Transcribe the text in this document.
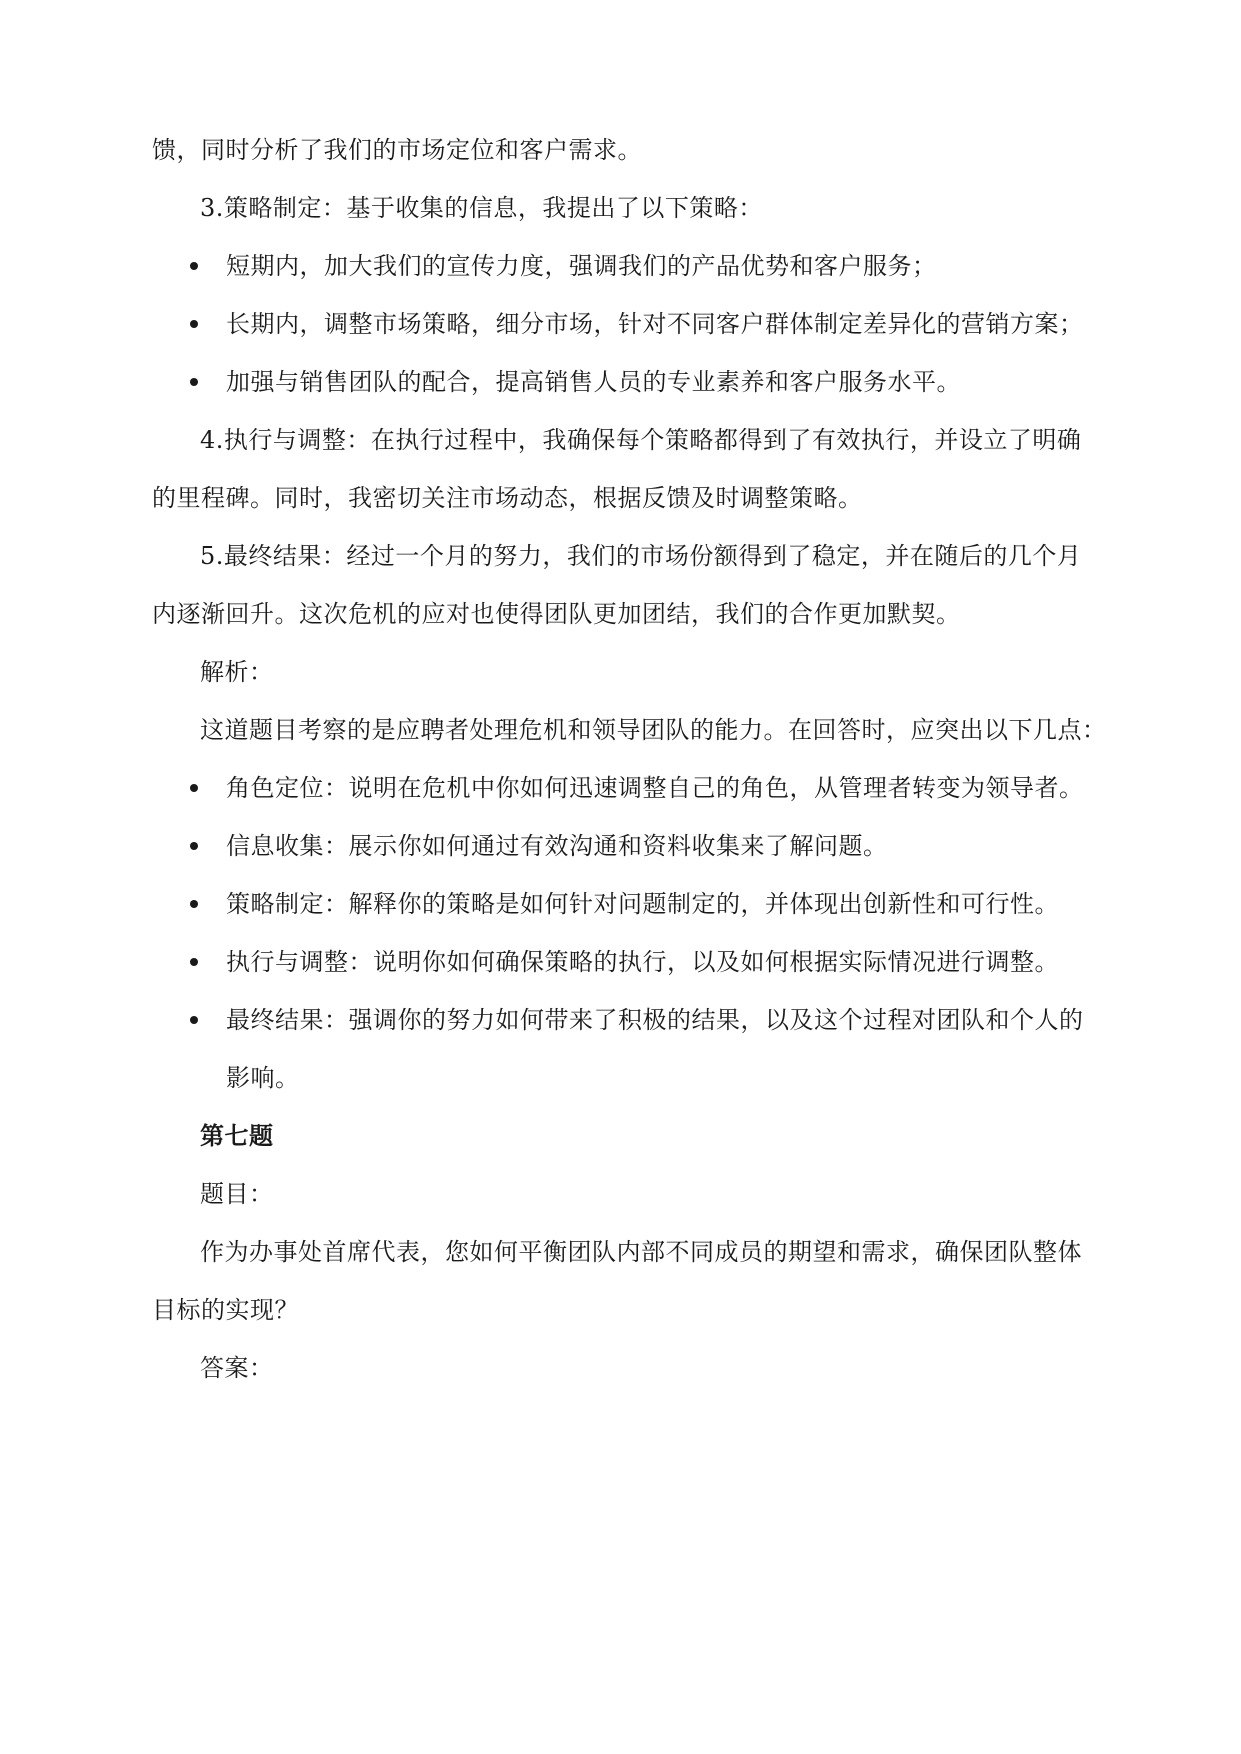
馈，同时分析了我们的市场定位和客户需求。
3.策略制定：基于收集的信息，我提出了以下策略：
短期内，加大我们的宣传力度，强调我们的产品优势和客户服务；
长期内，调整市场策略，细分市场，针对不同客户群体制定差异化的营销方案；
加强与销售团队的配合，提高销售人员的专业素养和客户服务水平。
4.执行与调整：在执行过程中，我确保每个策略都得到了有效执行，并设立了明确
的里程碑。同时，我密切关注市场动态，根据反馈及时调整策略。
5.最终结果：经过一个月的努力，我们的市场份额得到了稳定，并在随后的几个月
内逐渐回升。这次危机的应对也使得团队更加团结，我们的合作更加默契。
解析：
这道题目考察的是应聘者处理危机和领导团队的能力。在回答时，应突出以下几点：
角色定位：说明在危机中你如何迅速调整自己的角色，从管理者转变为领导者。
信息收集：展示你如何通过有效沟通和资料收集来了解问题。
策略制定：解释你的策略是如何针对问题制定的，并体现出创新性和可行性。
执行与调整：说明你如何确保策略的执行，以及如何根据实际情况进行调整。
最终结果：强调你的努力如何带来了积极的结果，以及这个过程对团队和个人的
影响。
第七题
题目：
作为办事处首席代表，您如何平衡团队内部不同成员的期望和需求，确保团队整体
目标的实现？
答案：
